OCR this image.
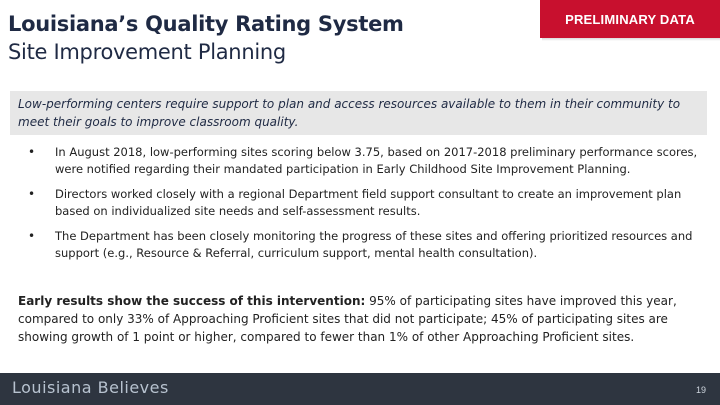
Louisiana’s Quality Rating System
Site Improvement Planning
PRELIMINARY DATA
Low-performing centers require support to plan and access resources available to them in their community to meet their goals to improve classroom quality.
• In August 2018, low-performing sites scoring below 3.75, based on 2017-2018 preliminary performance scores, were notified regarding their mandated participation in Early Childhood Site Improvement Planning.
• Directors worked closely with a regional Department field support consultant to create an improvement plan based on individualized site needs and self-assessment results.
• The Department has been closely monitoring the progress of these sites and offering prioritized resources and support (e.g., Resource & Referral, curriculum support, mental health consultation).
Early results show the success of this intervention: 95% of participating sites have improved this year, compared to only 33% of Approaching Proficient sites that did not participate; 45% of participating sites are showing growth of 1 point or higher, compared to fewer than 1% of other Approaching Proficient sites.
Louisiana Believes	19
